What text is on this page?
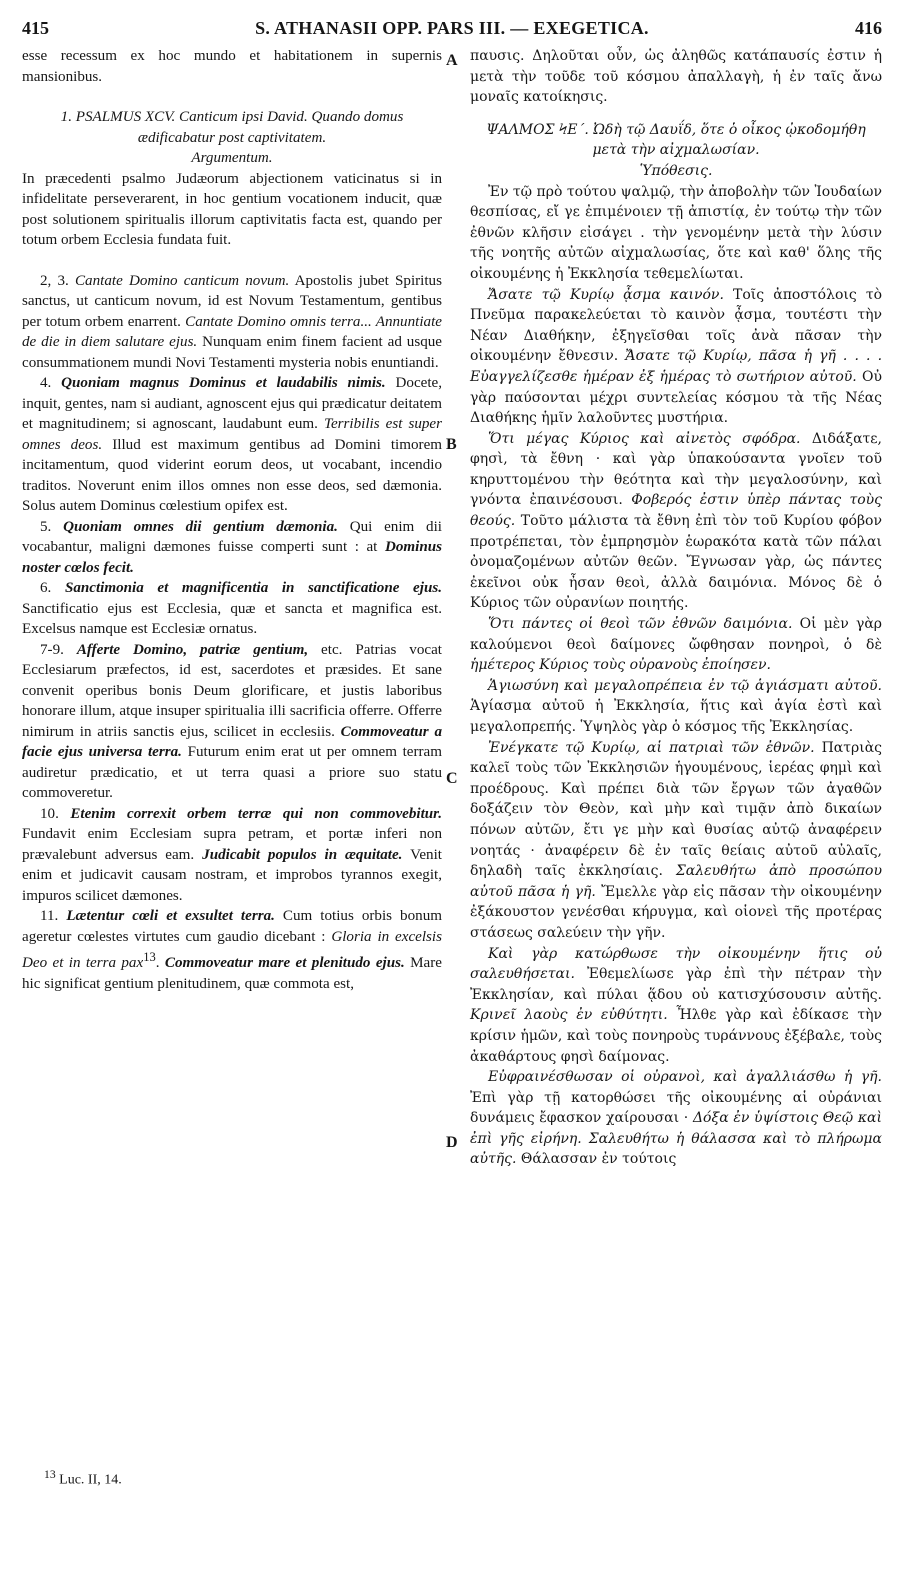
415	S. ATHANASII OPP. PARS III. — EXEGETICA.	416
A
B
C
D

esse recessum ex hoc mundo et habitationem in supernis mansionibus.

1. PSALMUS XCV. Canticum ipsi David. Quando domus ædificabatur post captivitatem.

Argumentum.

In præcedenti psalmo Judæorum abjectionem vaticinatus si in infidelitate perseverarent, in hoc gentium vocationem inducit, quæ post solutionem spiritualis illorum captivitatis facta est, quando per totum orbem Ecclesia fundata fuit.

2, 3. Cantate Domino canticum novum. Apostolis jubet Spiritus sanctus, ut canticum novum, id est Novum Testamentum, gentibus per totum orbem enarrent. Cantate Domino omnis terra... Annuntiate de die in diem salutare ejus. Nunquam enim finem facient ad usque consummationem mundi Novi Testamenti mysteria nobis enuntiandi.

4. Quoniam magnus Dominus et laudabilis nimis. Docete, inquit, gentes, nam si audiant, agnoscent ejus qui prædicatur deitatem et magnitudinem; si agnoscant, laudabunt eum. Terribilis est super omnes deos. Illud est maximum gentibus ad Domini timorem incitamentum, quod viderint eorum deos, ut vocabant, incendio traditos. Noverunt enim illos omnes non esse deos, sed dæmonia. Solus autem Dominus cœlestium opifex est.

5. Quoniam omnes dii gentium dæmonia. Qui enim dii vocabantur, maligni dæmones fuisse comperti sunt : at Dominus noster cœlos fecit.

6. Sanctimonia et magnificentia in sanctificatione ejus. Sanctificatio ejus est Ecclesia, quæ et sancta et magnifica est. Excelsus namque est Ecclesiæ ornatus.

7-9. Afferte Domino, patriæ gentium, etc. Patrias vocat Ecclesiarum præfectos, id est, sacerdotes et præsides. Et sane convenit operibus bonis Deum glorificare, et justis laboribus honorare illum, atque insuper spiritualia illi sacrificia offerre. Offerre nimirum in atriis sanctis ejus, scilicet in ecclesiis. Commoveatur a facie ejus universa terra. Futurum enim erat ut per omnem terram audiretur prædicatio, et ut terra quasi a priore suo statu commoveretur.

10. Etenim correxit orbem terræ qui non commovebitur. Fundavit enim Ecclesiam supra petram, et portæ inferi non prævalebunt adversus eam. Judicabit populos in æquitate. Venit enim et judicavit causam nostram, et improbos tyrannos exegit, impuros scilicet dæmones.

11. Lætentur cœli et exsultet terra. Cum totius orbis bonum ageretur cœlestes virtutes cum gaudio dicebant : Gloria in excelsis Deo et in terra pax$^{13}$. Commoveatur mare et plenitudo ejus. Mare hic significat gentium plenitudinem, quæ commota est,

παυσις. Δηλοῦται οὖν, ὡς ἀληθῶς κατάπαυσίς ἐστιν ἡ μετὰ τὴν τοῦδε τοῦ κόσμου ἀπαλλαγὴ, ἡ ἐν ταῖς ἄνω μοναῖς κατοίκησις.

ΨΑΛΜΟΣ ϞΕ΄. Ὠδὴ τῷ Δαυΐδ, ὅτε ὁ οἶκος ᾠκοδομήθη μετὰ τὴν αἰχμαλωσίαν.

Ὑπόθεσις.

Ἐν τῷ πρὸ τούτου ψαλμῷ, τὴν ἀποβολὴν τῶν Ἰουδαίων θεσπίσας, εἴ γε ἐπιμένοιεν τῇ ἀπιστίᾳ, ἐν τούτῳ τὴν τῶν ἐθνῶν κλῆσιν εἰσάγει . τὴν γενομένην μετὰ τὴν λύσιν τῆς νοητῆς αὐτῶν αἰχμαλωσίας, ὅτε καὶ καθ' ὅλης τῆς οἰκουμένης ἡ Ἐκκλησία τεθεμελίωται.

Ἄσατε τῷ Κυρίῳ ᾆσμα καινόν. Τοῖς ἀποστόλοις τὸ Πνεῦμα παρακελεύεται τὸ καινὸν ᾆσμα, τουτέστι τὴν Νέαν Διαθήκην, ἐξηγεῖσθαι τοῖς ἀνὰ πᾶσαν τὴν οἰκουμένην ἔθνεσιν. Ἄσατε τῷ Κυρίῳ, πᾶσα ἡ γῆ . . . . Εὐαγγελίζεσθε ἡμέραν ἐξ ἡμέρας τὸ σωτήριον αὐτοῦ. Οὐ γὰρ παύσονται μέχρι συντελείας κόσμου τὰ τῆς Νέας Διαθήκης ἡμῖν λαλοῦντες μυστήρια.

Ὅτι μέγας Κύριος καὶ αἰνετὸς σφόδρα. Διδάξατε, φησὶ, τὰ ἔθνη · καὶ γὰρ ὑπακούσαντα γνοῖεν τοῦ κηρυττομένου τὴν θεότητα καὶ τὴν μεγαλοσύνην, καὶ γνόντα ἐπαινέσουσι. Φοβερός ἐστιν ὑπὲρ πάντας τοὺς θεούς. Τοῦτο μάλιστα τὰ ἔθνη ἐπὶ τὸν τοῦ Κυρίου φόβον προτρέπεται, τὸν ἐμπρησμὸν ἑωρακότα κατὰ τῶν πάλαι ὀνομαζομένων αὐτῶν θεῶν. Ἔγνωσαν γὰρ, ὡς πάντες ἐκεῖνοι οὐκ ἦσαν θεοὶ, ἀλλὰ δαιμόνια. Μόνος δὲ ὁ Κύριος τῶν οὐρανίων ποιητής.

Ὅτι πάντες οἱ θεοὶ τῶν ἐθνῶν δαιμόνια. Οἱ μὲν γὰρ καλούμενοι θεοὶ δαίμονες ὤφθησαν πονηροὶ, ὁ δὲ ἡμέτερος Κύριος τοὺς οὐρανοὺς ἐποίησεν.

Ἁγιωσύνη καὶ μεγαλοπρέπεια ἐν τῷ ἁγιάσματι αὐτοῦ. Ἁγίασμα αὐτοῦ ἡ Ἐκκλησία, ἥτις καὶ ἁγία ἐστὶ καὶ μεγαλοπρεπής. Ὑψηλὸς γὰρ ὁ κόσμος τῆς Ἐκκλησίας.

Ἐνέγκατε τῷ Κυρίῳ, αἱ πατριαὶ τῶν ἐθνῶν. Πατριὰς καλεῖ τοὺς τῶν Ἐκκλησιῶν ἡγουμένους, ἱερέας φημὶ καὶ προέδρους. Καὶ πρέπει διὰ τῶν ἔργων τῶν ἀγαθῶν δοξάζειν τὸν Θεὸν, καὶ μὴν καὶ τιμᾷν ἀπὸ δικαίων πόνων αὐτῶν, ἔτι γε μὴν καὶ θυσίας αὐτῷ ἀναφέρειν νοητάς · ἀναφέρειν δὲ ἐν ταῖς θείαις αὐτοῦ αὐλαῖς, δηλαδὴ ταῖς ἐκκλησίαις. Σαλευθήτω ἀπὸ προσώπου αὐτοῦ πᾶσα ἡ γῆ. Ἔμελλε γὰρ εἰς πᾶσαν τὴν οἰκουμένην ἐξάκουστον γενέσθαι κήρυγμα, καὶ οἱονεὶ τῆς προτέρας στάσεως σαλεύειν τὴν γῆν.

Καὶ γὰρ κατώρθωσε τὴν οἰκουμένην ἥτις οὐ σαλευθήσεται. Ἐθεμελίωσε γὰρ ἐπὶ τὴν πέτραν τὴν Ἐκκλησίαν, καὶ πύλαι ᾅδου οὐ κατισχύσουσιν αὐτῆς. Κρινεῖ λαοὺς ἐν εὐθύτητι. Ἦλθε γὰρ καὶ ἐδίκασε τὴν κρίσιν ἡμῶν, καὶ τοὺς πονηροὺς τυράννους ἐξέβαλε, τοὺς ἀκαθάρτους φησὶ δαίμονας.

Εὐφραινέσθωσαν οἱ οὐρανοὶ, καὶ ἀγαλλιάσθω ἡ γῆ. Ἐπὶ γὰρ τῇ κατορθώσει τῆς οἰκουμένης αἱ οὐράνιαι δυνάμεις ἔφασκον χαίρουσαι · Δόξα ἐν ὑψίστοις Θεῷ καὶ ἐπὶ γῆς εἰρήνη. Σαλευθήτω ἡ θάλασσα καὶ τὸ πλήρωμα αὐτῆς. Θάλασσαν ἐν τούτοις

$^{13}$ Luc. II, 14.
